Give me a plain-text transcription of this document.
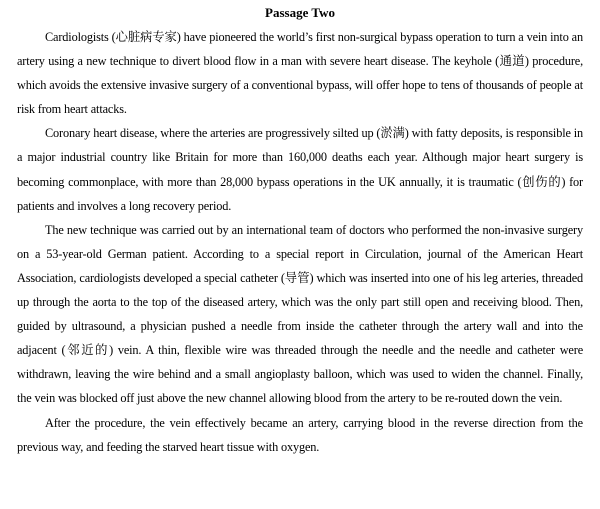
Passage Two

Cardiologists (心脏病专家) have pioneered the world’s first non-surgical bypass operation to turn a vein into an artery using a new technique to divert blood flow in a man with severe heart disease. The keyhole (通道) procedure, which avoids the extensive invasive surgery of a conventional bypass, will offer hope to tens of thousands of people at risk from heart attacks.

Coronary heart disease, where the arteries are progressively silted up (淤满) with fatty deposits, is responsible in a major industrial country like Britain for more than 160,000 deaths each year. Although major heart surgery is becoming commonplace, with more than 28,000 bypass operations in the UK annually, it is traumatic (创伤的) for patients and involves a long recovery period.

The new technique was carried out by an international team of doctors who performed the non-invasive surgery on a 53-year-old German patient. According to a special report in Circulation, journal of the American Heart Association, cardiologists developed a special catheter (导管) which was inserted into one of his leg arteries, threaded up through the aorta to the top of the diseased artery, which was the only part still open and receiving blood. Then, guided by ultrasound, a physician pushed a needle from inside the catheter through the artery wall and into the adjacent (邻近的) vein. A thin, flexible wire was threaded through the needle and the needle and catheter were withdrawn, leaving the wire behind and a small angioplasty balloon, which was used to widen the channel. Finally, the vein was blocked off just above the new channel allowing blood from the artery to be re-routed down the vein.

After the procedure, the vein effectively became an artery, carrying blood in the reverse direction from the previous way, and feeding the starved heart tissue with oxygen.
